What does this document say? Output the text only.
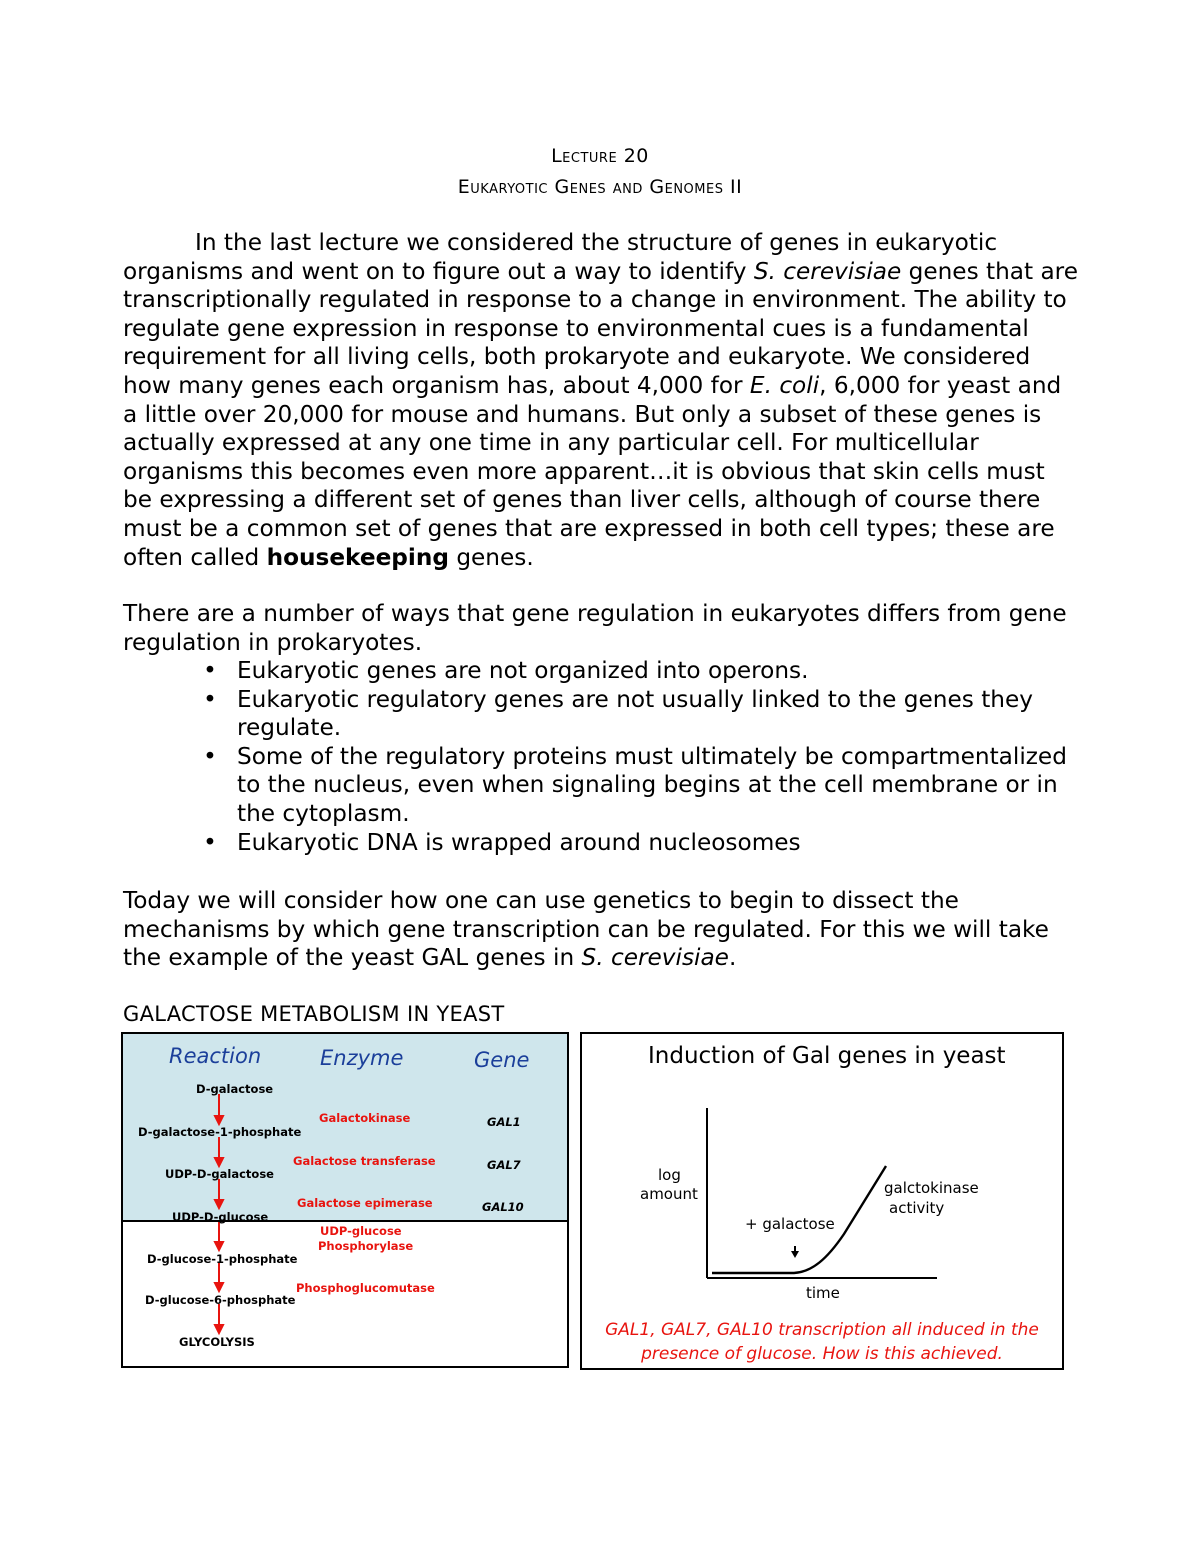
Lecture 20
Eukaryotic Genes and Genomes II
In the last lecture we considered the structure of genes in eukaryotic organisms and went on to figure out a way to identify S. cerevisiae genes that are transcriptionally regulated in response to a change in environment. The ability to regulate gene expression in response to environmental cues is a fundamental requirement for all living cells, both prokaryote and eukaryote. We considered how many genes each organism has, about 4,000 for E. coli, 6,000 for yeast and a little over 20,000 for mouse and humans. But only a subset of these genes is actually expressed at any one time in any particular cell. For multicellular organisms this becomes even more apparent…it is obvious that skin cells must be expressing a different set of genes than liver cells, although of course there must be a common set of genes that are expressed in both cell types; these are often called housekeeping genes.
There are a number of ways that gene regulation in eukaryotes differs from gene regulation in prokaryotes.
• Eukaryotic genes are not organized into operons.
• Eukaryotic regulatory genes are not usually linked to the genes they regulate.
• Some of the regulatory proteins must ultimately be compartmentalized to the nucleus, even when signaling begins at the cell membrane or in the cytoplasm.
• Eukaryotic DNA is wrapped around nucleosomes
Today we will consider how one can use genetics to begin to dissect the mechanisms by which gene transcription can be regulated. For this we will take the example of the yeast GAL genes in S. cerevisiae.
GALACTOSE METABOLISM IN YEAST
Reaction	Enzyme	Gene
D-galactose
D-galactose-1-phosphate
UDP-D-galactose
UDP-D-glucose
D-glucose-1-phosphate
D-glucose-6-phosphate
GLYCOLYSIS
Galactokinase
Galactose transferase
Galactose epimerase
UDP-glucose
Phosphorylase
Phosphoglucomutase
GAL1
GAL7
GAL10
Induction of Gal genes in yeast
log
amount
time
galctokinase
activity
+ galactose
GAL1, GAL7, GAL10 transcription all induced in the
presence of glucose. How is this achieved.
